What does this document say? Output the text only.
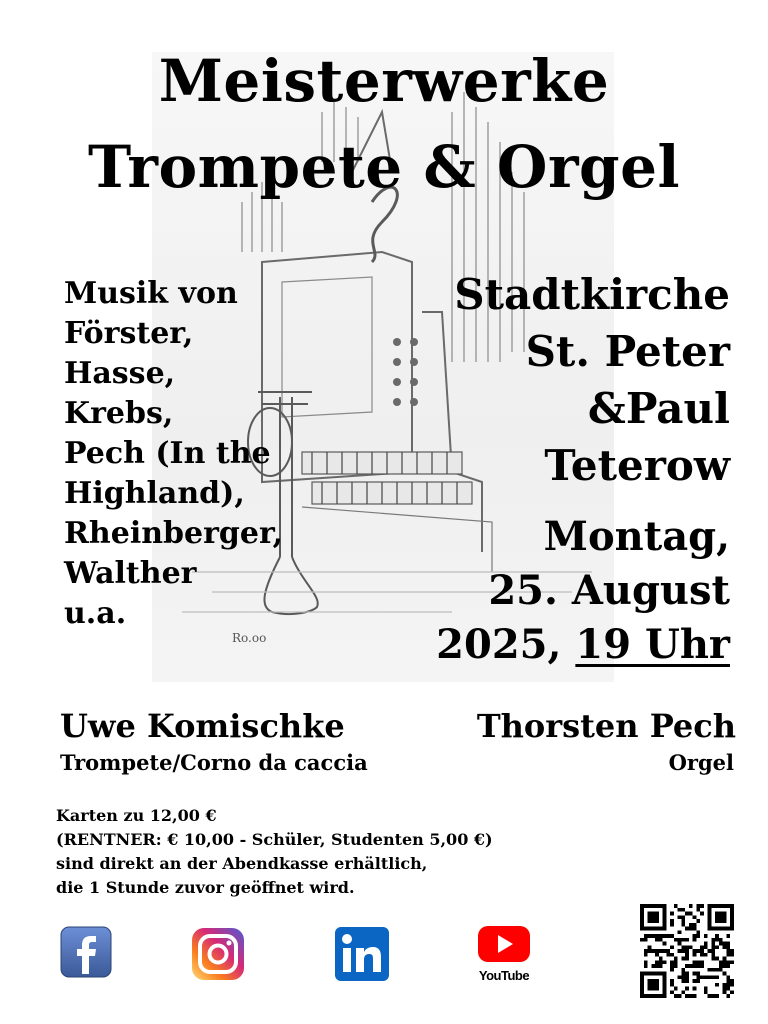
Ro.oo
Meisterwerke
Trompete & Orgel
Musik von
Förster,
Hasse,
Krebs,
Pech (In the
Highland),
Rheinberger,
Walther
u.a.
Stadtkirche
St. Peter
&Paul
Teterow
Montag,
25. August
2025, 19 Uhr
Uwe Komischke
Trompete/Corno da caccia
Thorsten Pech
Orgel
Karten zu 12,00 €
(RENTNER: € 10,00 - Schüler, Studenten 5,00 €)
sind direkt an der Abendkasse erhältlich,
die 1 Stunde zuvor geöffnet wird.
YouTube
